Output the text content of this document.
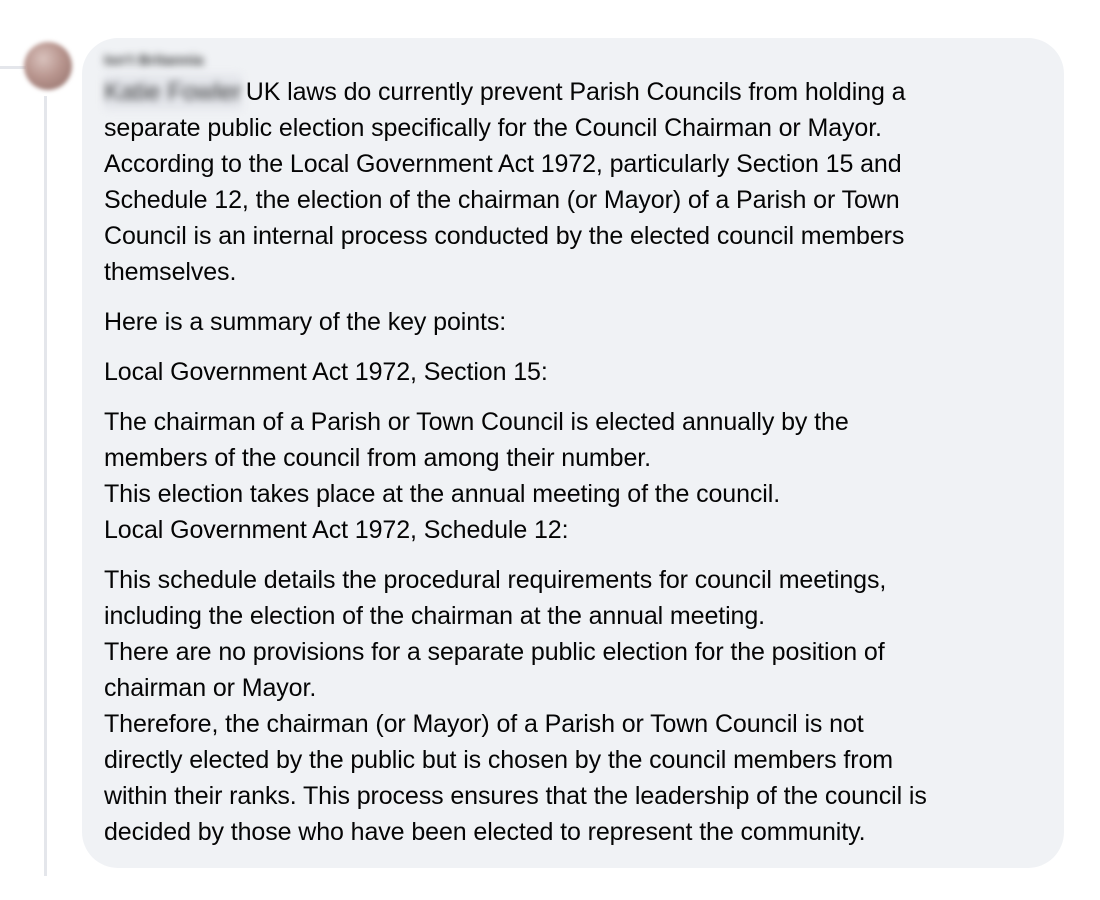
Isn't Britannia
Katie Fowler UK laws do currently prevent Parish Councils from holding a
separate public election specifically for the Council Chairman or Mayor.
According to the Local Government Act 1972, particularly Section 15 and
Schedule 12, the election of the chairman (or Mayor) of a Parish or Town
Council is an internal process conducted by the elected council members
themselves.
Here is a summary of the key points:
Local Government Act 1972, Section 15:
The chairman of a Parish or Town Council is elected annually by the
members of the council from among their number.
This election takes place at the annual meeting of the council.
Local Government Act 1972, Schedule 12:
This schedule details the procedural requirements for council meetings,
including the election of the chairman at the annual meeting.
There are no provisions for a separate public election for the position of
chairman or Mayor.
Therefore, the chairman (or Mayor) of a Parish or Town Council is not
directly elected by the public but is chosen by the council members from
within their ranks. This process ensures that the leadership of the council is
decided by those who have been elected to represent the community.
